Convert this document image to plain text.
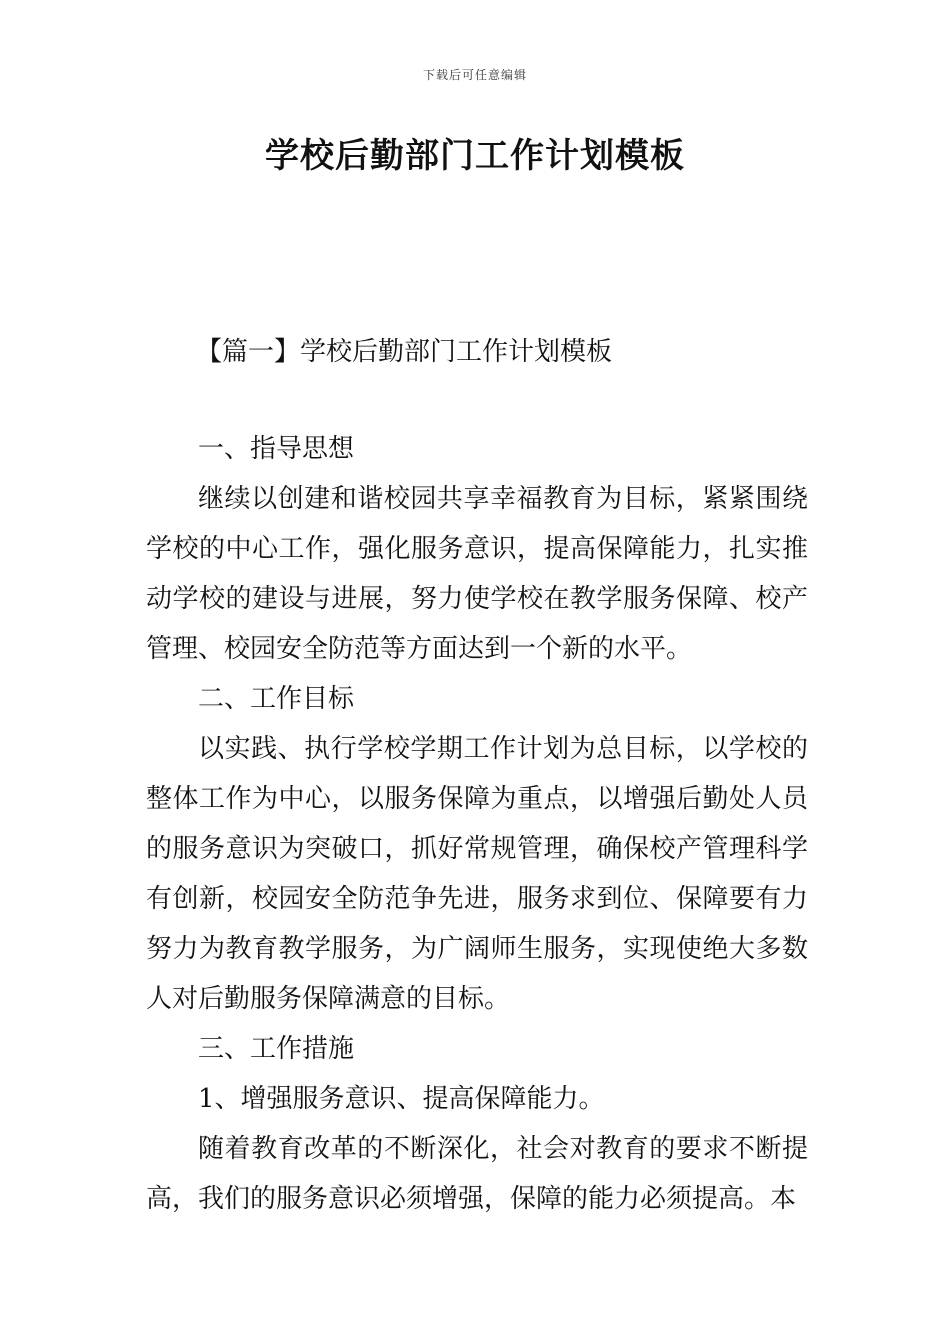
下载后可任意编辑
学校后勤部门工作计划模板
【篇一】学校后勤部门工作计划模板

一、指导思想

继续以创建和谐校园共享幸福教育为目标，紧紧围绕学校的中心工作，强化服务意识，提高保障能力，扎实推动学校的建设与进展，努力使学校在教学服务保障、校产管理、校园安全防范等方面达到一个新的水平。

二、工作目标

以实践、执行学校学期工作计划为总目标，以学校的整体工作为中心，以服务保障为重点，以增强后勤处人员的服务意识为突破口，抓好常规管理，确保校产管理科学有创新，校园安全防范争先进，服务求到位、保障要有力努力为教育教学服务，为广阔师生服务，实现使绝大多数人对后勤服务保障满意的目标。

三、工作措施

1、增强服务意识、提高保障能力。

随着教育改革的不断深化，社会对教育的要求不断提高，我们的服务意识必须增强，保障的能力必须提高。本
